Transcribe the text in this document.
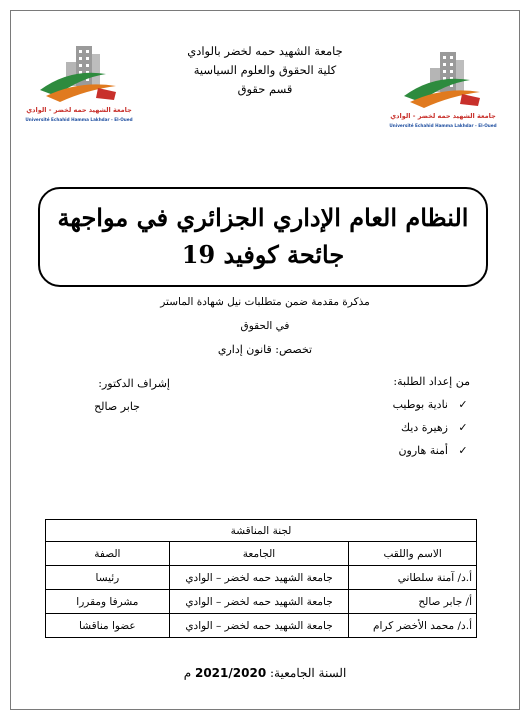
جامعة الشهيد حمه لخضر - الوادي
Université Echahid Hamma Lakhdar - El-Oued	جامعة الشهيد حمه لخضر - الوادي
Université Echahid Hamma Lakhdar - El-Oued
جامعة الشهيد حمه لخضر بالوادي
كلية الحقوق والعلوم السياسية
قسم حقوق
النظام العام الإداري الجزائري في مواجهة
جائحة كوفيد 19
مذكرة مقدمة ضمن متطلبات نيل شهادة الماستر
في الحقوق
تخصص: قانون إداري
من إعداد الطلبة:
✓
نادية بوطيب
✓
زهيرة ديك
✓
أمنة هارون
إشراف الدكتور:
جابر صالح
لجنة المناقشة		
الاسم واللقب	الجامعة	الصفة
أ.د/ آمنة سلطاني	جامعة الشهيد حمه لخضر – الوادي	رئيسا
أ/ جابر صالح	جامعة الشهيد حمه لخضر – الوادي	مشرفا ومقررا
أ.د/ محمد الأخضر كرام	جامعة الشهيد حمه لخضر – الوادي	عضوا مناقشا
السنة الجامعية: 2021/2020 م
